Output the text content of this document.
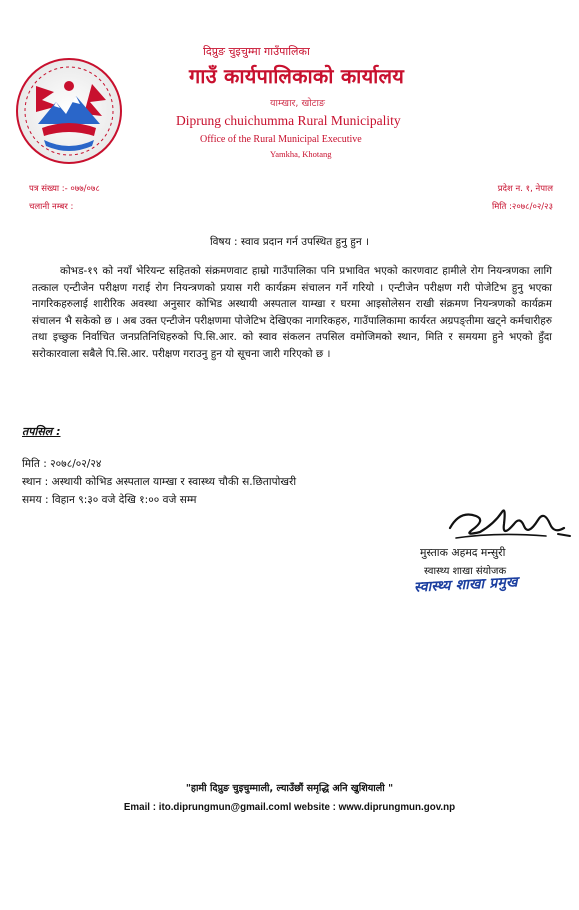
दिप्रुङ चुइचुम्मा गाउँपालिका
गाउँ कार्यपालिकाको कार्यालय
याम्खार, खोटाङ
Diprung chuichumma Rural Municipality
Office of the Rural Municipal Executive
Yamkha, Khotang
पत्र संख्या :- ०७७/०७८
चलानी नम्बर :
प्रदेश न. १, नेपाल
मिति :२०७८/०२/२३
विषय : स्वाव प्रदान गर्न उपस्थित हुनु हुन ।
कोभड-१९ को नयाँ भेरियन्ट सहितको संक्रमणवाट हाम्रो गाउँपालिका पनि प्रभावित भएको कारणवाट हामीले रोग नियन्त्रणका लागि तत्काल एन्टीजेन परीक्षण गराई रोग नियन्त्रणको प्रयास गरी कार्यक्रम संचालन गर्ने गरियो । एन्टीजेन परीक्षण गरी पोजेटिभ हुनु भएका नागरिकहरुलाई शारीरिक अवस्था अनुसार कोभिड अस्थायी अस्पताल याम्खा र घरमा आइसोलेसन राखी संक्रमण नियन्त्रणको कार्यक्रम संचालन भै सकेको छ । अब उक्त एन्टीजेन परीक्षणमा पोजेटिभ देखिएका नागरिकहरु, गाउँपालिकामा कार्यरत अग्रपङ्तीमा खट्ने कर्मचारीहरु तथा इच्छुक निर्वाचित जनप्रतिनिधिहरुको पि.सि.आर. को स्वाव संकलन तपसिल वमोजिमको स्थान, मिति र समयमा हुने भएको हुँदा सरोकारवाला सबैले पि.सि.आर. परीक्षण गराउनु हुन यो सूचना जारी गरिएको छ ।
तपसिल :
मिति : २०७८/०२/२४
स्थान : अस्थायी कोभिड अस्पताल याम्खा र स्वास्थ्य चौकी स.छितापोखरी
समय : विहान ९:३० वजे देखि १:०० वजे सम्म
मुस्ताक अहमद मन्सुरी
स्वास्थ्य शाखा संयोजक
स्वास्थ्य शाखा प्रमुख
"हामी दिप्रुङ चुइचुम्माली, ल्याउँछौं समृद्धि अनि खुशियाली "
Email : ito.diprungmun@gmail.coml website : www.diprungmun.gov.np
